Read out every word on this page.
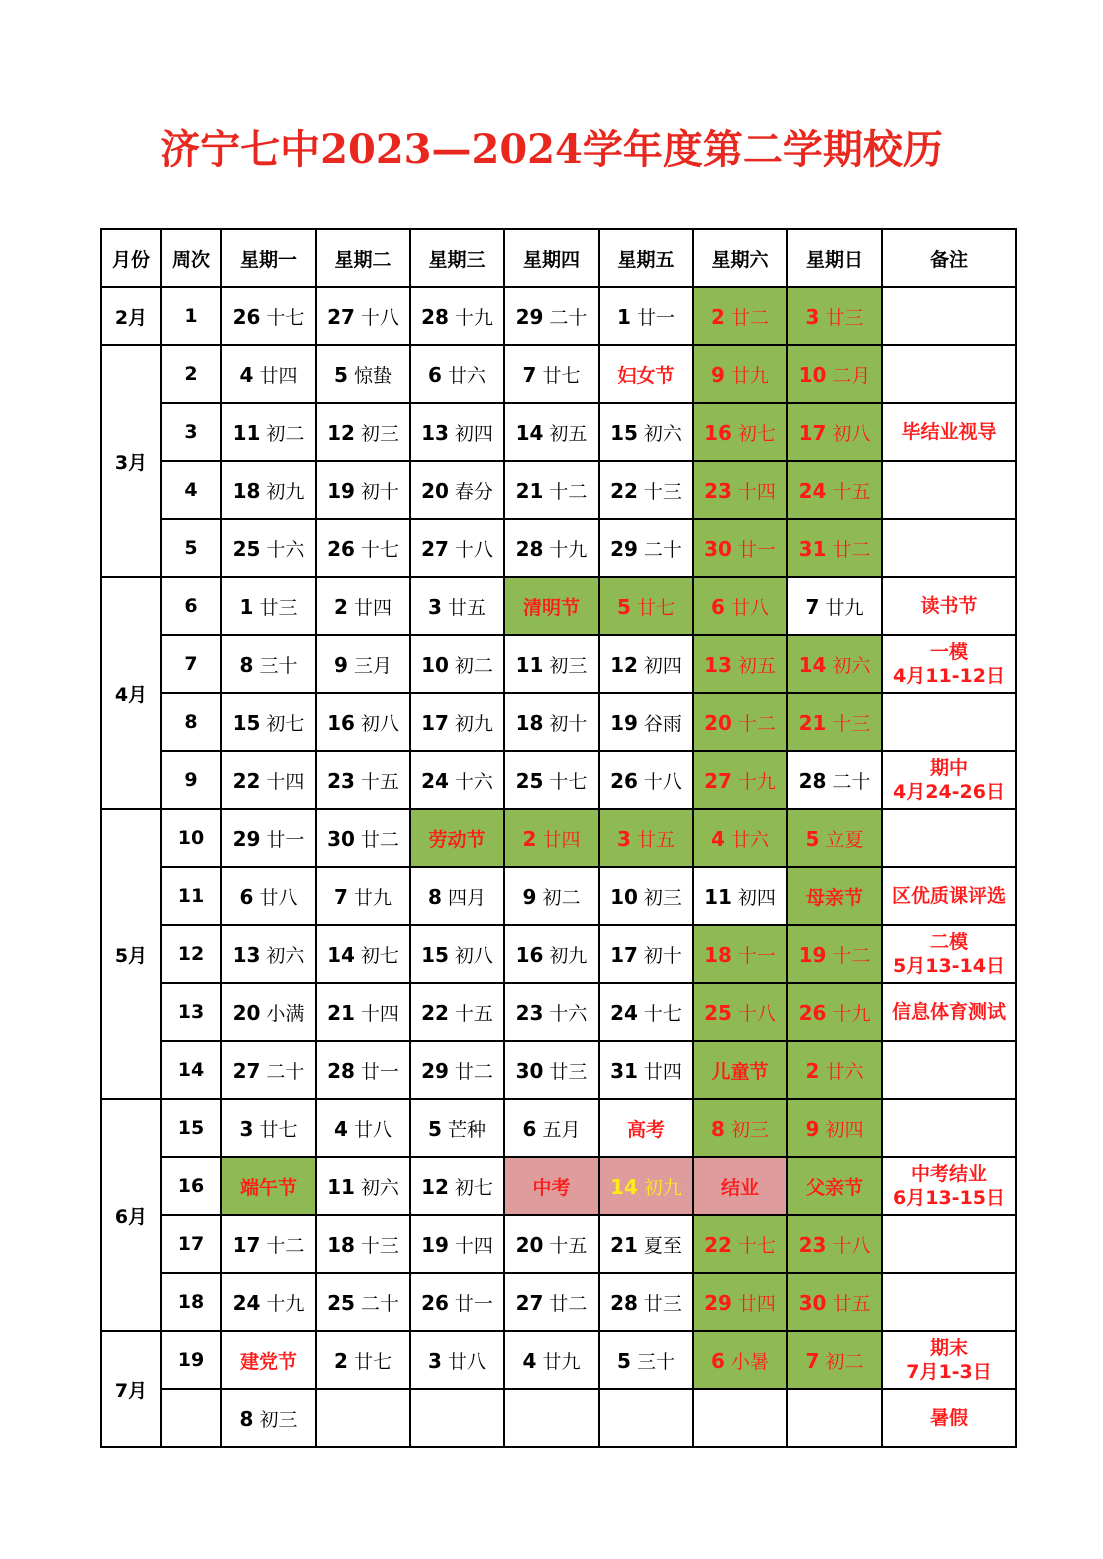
济宁七中2023—2024学年度第二学期校历
月份	周次	星期一	星期二	星期三	星期四	星期五	星期六	星期日	备注
2月	1	26 十七	27 十八	28 十九	29 二十	1 廿一	2 廿二	3 廿三	
3月	2	4 廿四	5 惊蛰	6 廿六	7 廿七	妇女节	9 廿九	10 二月	
	3	11 初二	12 初三	13 初四	14 初五	15 初六	16 初七	17 初八	毕结业视导

	4	18 初九	19 初十	20 春分	21 十二	22 十三	23 十四	24 十五	
	5	25 十六	26 十七	27 十八	28 十九	29 二十	30 廿一	31 廿二	
4月	6	1 廿三	2 廿四	3 廿五	清明节	5 廿七	6 廿八	7 廿九	读书节

	7	8 三十	9 三月	10 初二	11 初三	12 初四	13 初五	14 初六	一模
4月11-12日

	8	15 初七	16 初八	17 初九	18 初十	19 谷雨	20 十二	21 十三	
	9	22 十四	23 十五	24 十六	25 十七	26 十八	27 十九	28 二十	期中
4月24-26日

5月	10	29 廿一	30 廿二	劳动节	2 廿四	3 廿五	4 廿六	5 立夏	
	11	6 廿八	7 廿九	8 四月	9 初二	10 初三	11 初四	母亲节	区优质课评选

	12	13 初六	14 初七	15 初八	16 初九	17 初十	18 十一	19 十二	二模
5月13-14日

	13	20 小满	21 十四	22 十五	23 十六	24 十七	25 十八	26 十九	信息体育测试

	14	27 二十	28 廿一	29 廿二	30 廿三	31 廿四	儿童节	2 廿六	
6月	15	3 廿七	4 廿八	5 芒种	6 五月	高考	8 初三	9 初四	
	16	端午节	11 初六	12 初七	中考	14 初九	结业	父亲节	中考结业
6月13-15日

	17	17 十二	18 十三	19 十四	20 十五	21 夏至	22 十七	23 十八	
	18	24 十九	25 二十	26 廿一	27 廿二	28 廿三	29 廿四	30 廿五	
7月	19	建党节	2 廿七	3 廿八	4 廿九	5 三十	6 小暑	7 初二	期末
7月1-3日

		8 初三							暑假
